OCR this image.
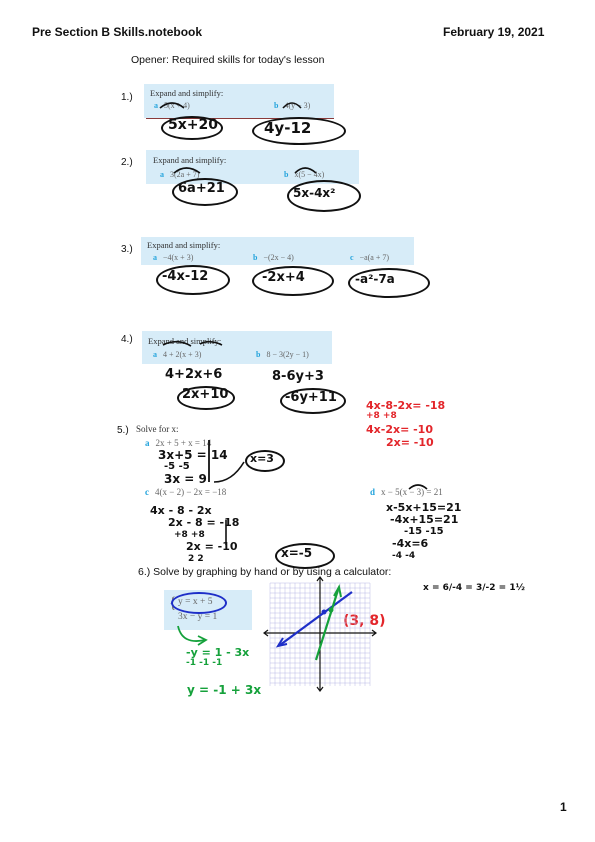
Pre Section B Skills.notebook	February 19, 2021
Opener: Required skills for today's lesson
1.) Expand and simplify:
a 5(x + 4)	b 4(y − 3)
5x+20	4y-12
2.) Expand and simplify:
a 3(2a + 7)	b x(5 − 4x)
6a+21	5x-4x²
3.) Expand and simplify:
a −4(x + 3)	b −(2x − 4)	c −a(a + 7)
-4x-12	-2x+4	-a²-7a
4.) Expand and simplify:
a 4 + 2(x + 3)	b 8 − 3(2y − 1)
4+2x+6
2x+10
8-6y+3
-6y+11
4x-8-2x= -18
+8 +8
4x-2x= -10
2x= -10
5.) Solve for x:
a 2x + 5 + x = 14
3x+5 = 14
-5 -5
3x = 9
x=3
c 4(x − 2) − 2x = −18
4x - 8 - 2x
2x - 8 = -18
+8 +8
2x = -10
2 2	x=-5
d x − 5(x − 3) = 21
x-5x+15=21
-4x+15=21
-15 -15
-4x=6
-4 -4
x = 6/-4 = 3/-2 = 1½
6.) Solve by graphing by hand or by using a calculator:
{ y = x + 5
3x − y = 1
-y = 1 - 3x
-1 -1 -1
y = -1 + 3x
(3, 8)
1
